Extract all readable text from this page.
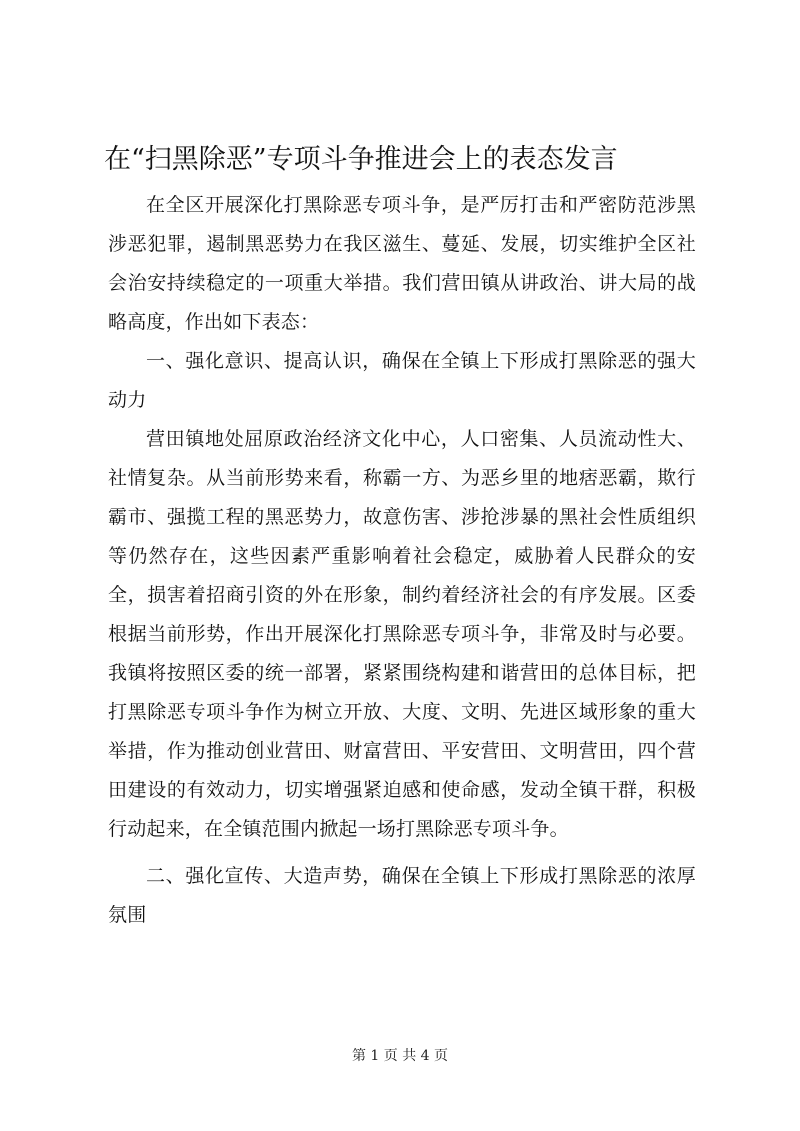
在“扫黑除恶”专项斗争推进会上的表态发言

在全区开展深化打黑除恶专项斗争，是严厉打击和严密防范涉黑涉恶犯罪，遏制黑恶势力在我区滋生、蔓延、发展，切实维护全区社会治安持续稳定的一项重大举措。我们营田镇从讲政治、讲大局的战略高度，作出如下表态：

一、强化意识、提高认识，确保在全镇上下形成打黑除恶的强大动力

营田镇地处屈原政治经济文化中心，人口密集、人员流动性大、社情复杂。从当前形势来看，称霸一方、为恶乡里的地痞恶霸，欺行霸市、强揽工程的黑恶势力，故意伤害、涉抢涉暴的黑社会性质组织等仍然存在，这些因素严重影响着社会稳定，威胁着人民群众的安全，损害着招商引资的外在形象，制约着经济社会的有序发展。区委根据当前形势，作出开展深化打黑除恶专项斗争，非常及时与必要。我镇将按照区委的统一部署，紧紧围绕构建和谐营田的总体目标，把打黑除恶专项斗争作为树立开放、大度、文明、先进区域形象的重大举措，作为推动创业营田、财富营田、平安营田、文明营田，四个营田建设的有效动力，切实增强紧迫感和使命感，发动全镇干群，积极行动起来，在全镇范围内掀起一场打黑除恶专项斗争。

二、强化宣传、大造声势，确保在全镇上下形成打黑除恶的浓厚氛围

第 1 页 共 4 页
